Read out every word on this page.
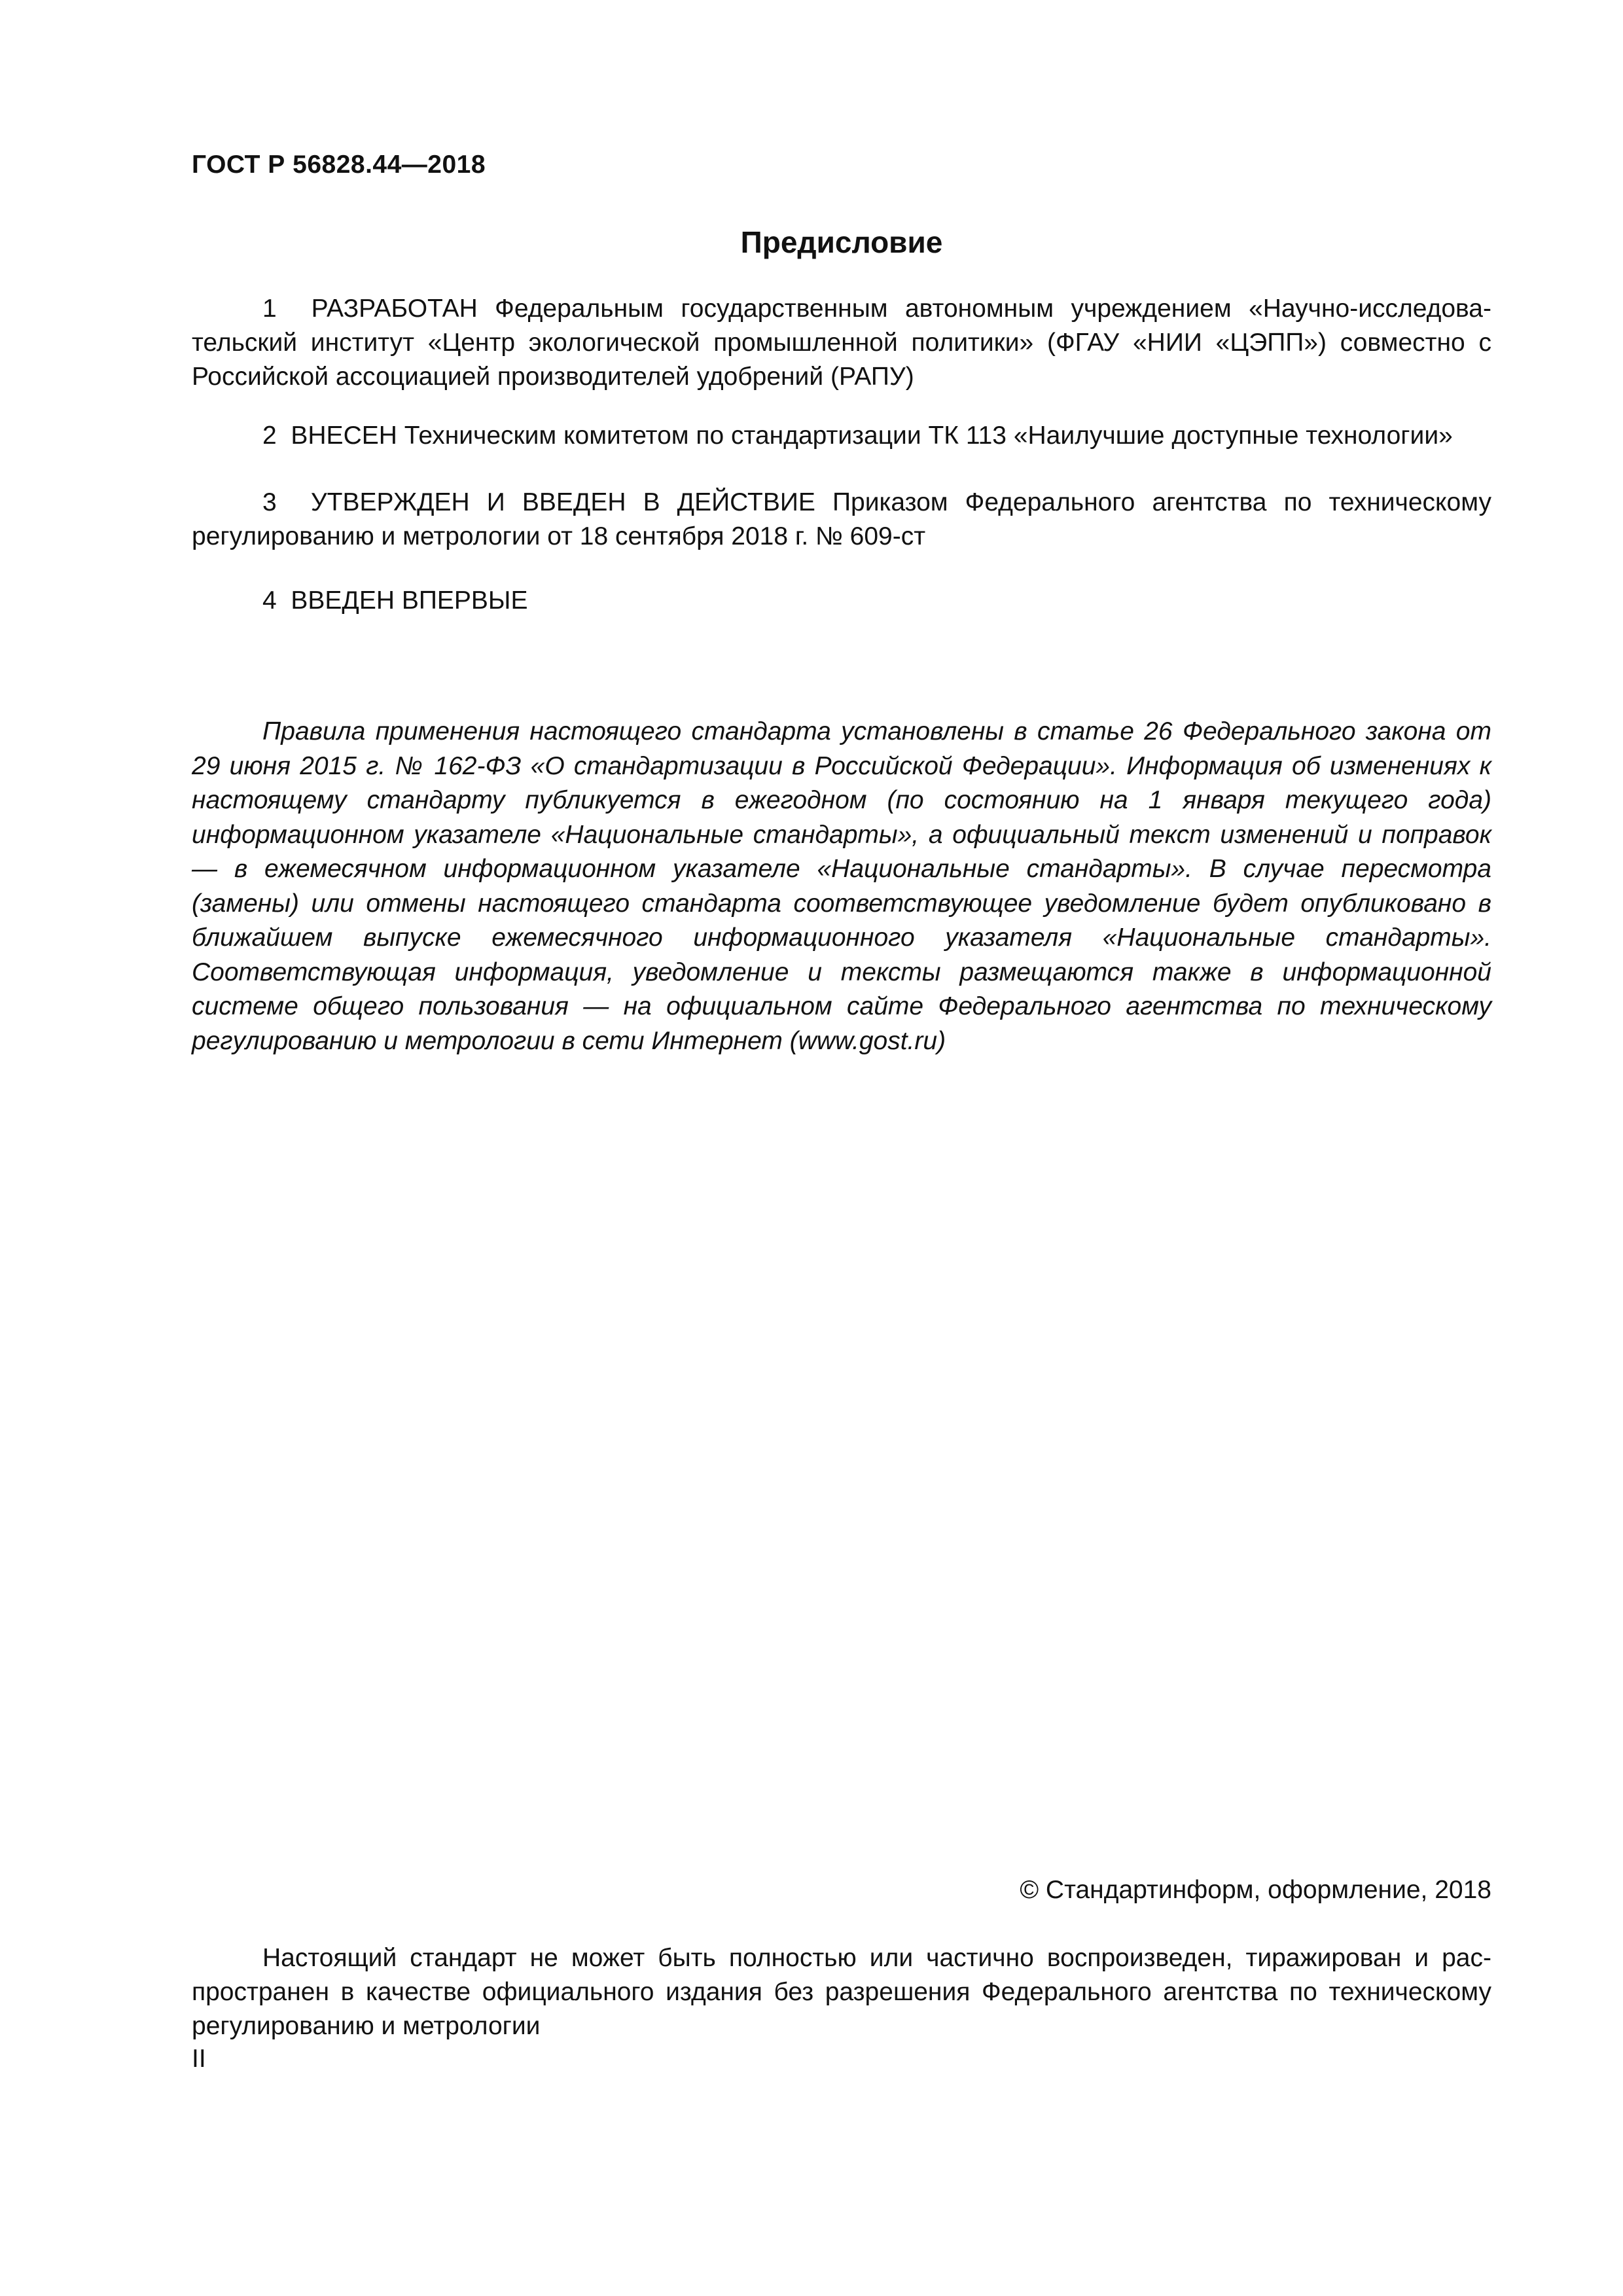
ГОСТ Р 56828.44—2018
Предисловие

1 РАЗРАБОТАН Федеральным государственным автономным учреждением «Научно-исследовательский институт «Центр экологической промышленной политики» (ФГАУ «НИИ «ЦЭПП») совместно с Российской ассоциацией производителей удобрений (РАПУ)

2 ВНЕСЕН Техническим комитетом по стандартизации ТК 113 «Наилучшие доступные технологии»

3 УТВЕРЖДЕН И ВВЕДЕН В ДЕЙСТВИЕ Приказом Федерального агентства по техническому регулированию и метрологии от 18 сентября 2018 г. № 609-ст

4 ВВЕДЕН ВПЕРВЫЕ

Правила применения настоящего стандарта установлены в статье 26 Федерального закона от 29 июня 2015 г. № 162-ФЗ «О стандартизации в Российской Федерации». Информация об изменениях к настоящему стандарту публикуется в ежегодном (по состоянию на 1 января текущего года) информационном указателе «Национальные стандарты», а официальный текст изменений и поправок — в ежемесячном информационном указателе «Национальные стандарты». В случае пересмотра (замены) или отмены настоящего стандарта соответствующее уведомление будет опубликовано в ближайшем выпуске ежемесячного информационного указателя «Национальные стандарты». Соответствующая информация, уведомление и тексты размещаются также в информационной системе общего пользования — на официальном сайте Федерального агентства по техническому регулированию и метрологии в сети Интернет (www.gost.ru)

© Стандартинформ, оформление, 2018

Настоящий стандарт не может быть полностью или частично воспроизведен, тиражирован и распространен в качестве официального издания без разрешения Федерального агентства по техническому регулированию и метрологии

II
